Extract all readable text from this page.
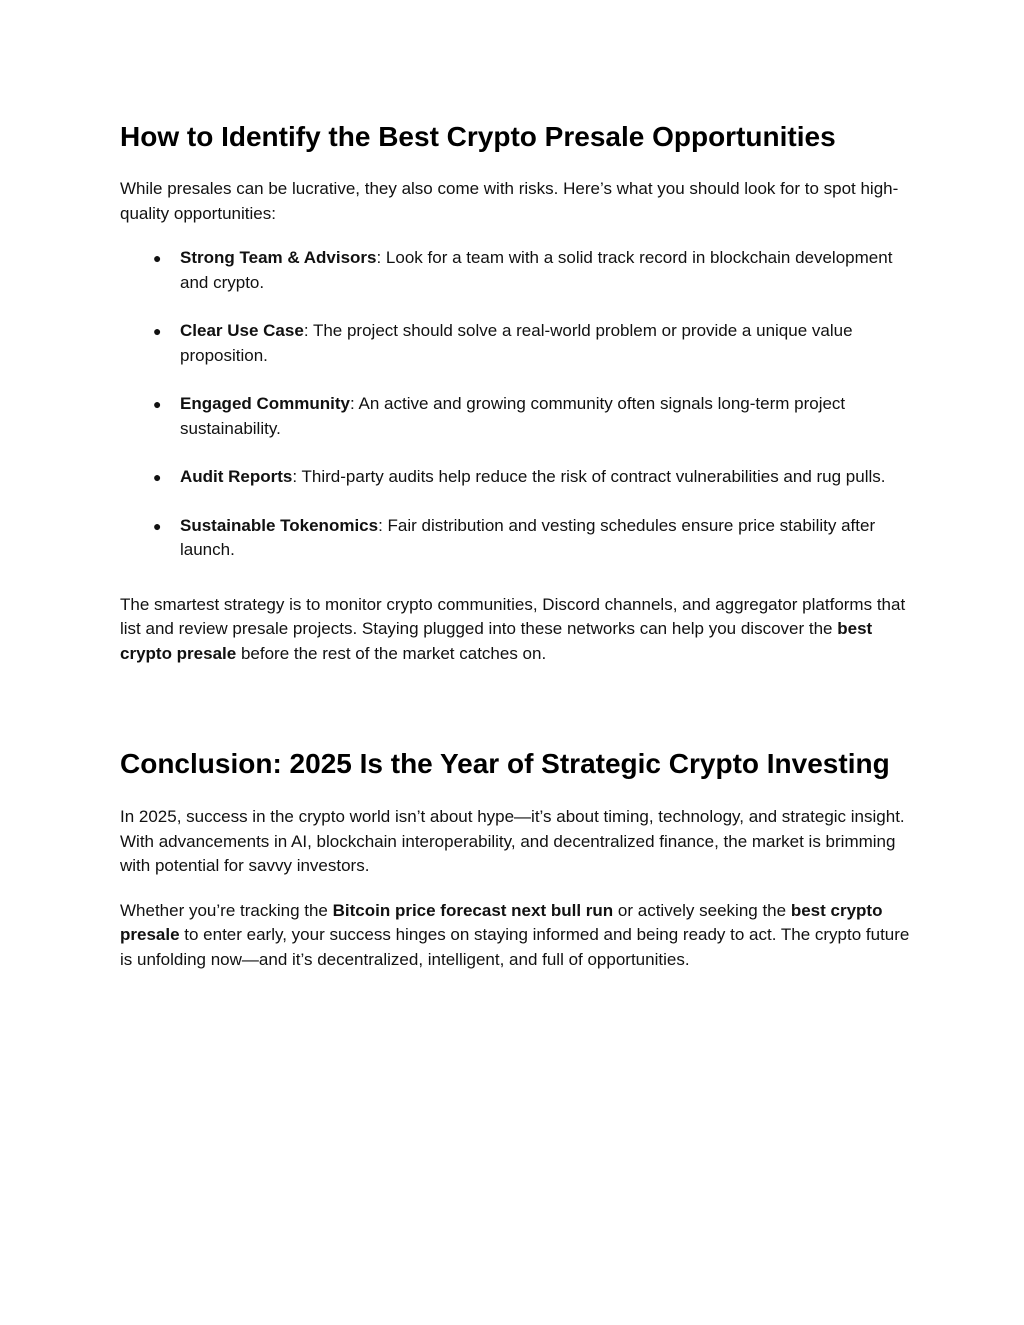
How to Identify the Best Crypto Presale Opportunities

While presales can be lucrative, they also come with risks. Here’s what you should look for to spot high-quality opportunities:

● Strong Team & Advisors: Look for a team with a solid track record in blockchain development and crypto.
● Clear Use Case: The project should solve a real-world problem or provide a unique value proposition.
● Engaged Community: An active and growing community often signals long-term project sustainability.
● Audit Reports: Third-party audits help reduce the risk of contract vulnerabilities and rug pulls.
● Sustainable Tokenomics: Fair distribution and vesting schedules ensure price stability after launch.

The smartest strategy is to monitor crypto communities, Discord channels, and aggregator platforms that list and review presale projects. Staying plugged into these networks can help you discover the best crypto presale before the rest of the market catches on.

Conclusion: 2025 Is the Year of Strategic Crypto Investing

In 2025, success in the crypto world isn’t about hype—it’s about timing, technology, and strategic insight. With advancements in AI, blockchain interoperability, and decentralized finance, the market is brimming with potential for savvy investors.

Whether you’re tracking the Bitcoin price forecast next bull run or actively seeking the best crypto presale to enter early, your success hinges on staying informed and being ready to act. The crypto future is unfolding now—and it’s decentralized, intelligent, and full of opportunities.
